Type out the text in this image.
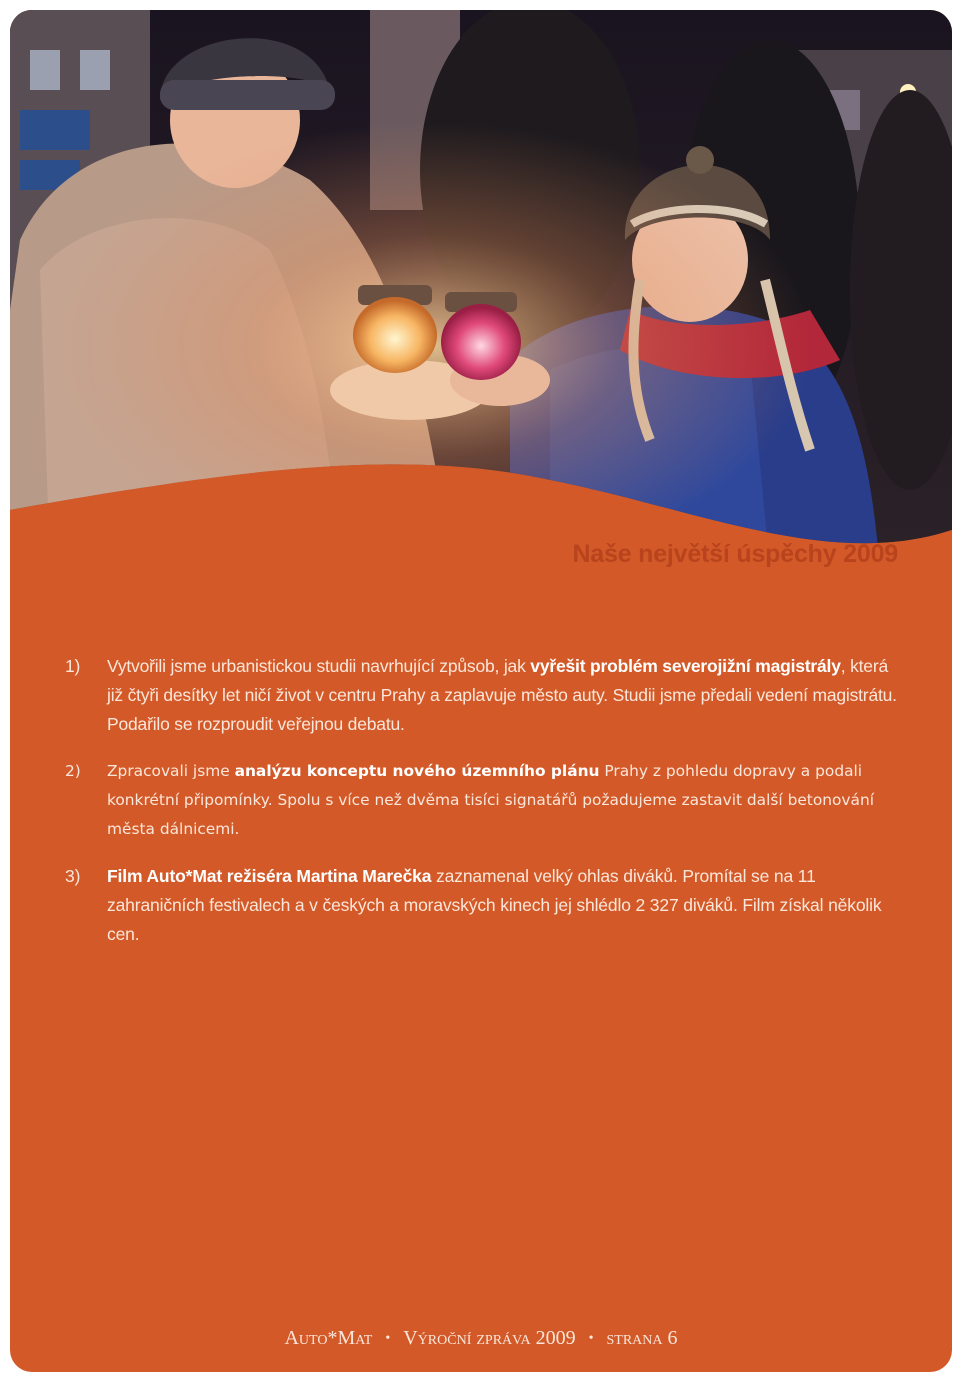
Naše největší úspěchy 2009
1)	Vytvořili jsme urbanistickou studii navrhující způsob, jak vyřešit problém severojižní magistrály, která již čtyři desítky let ničí život v centru Prahy a zaplavuje město auty. Studii jsme předali vedení magistrátu. Podařilo se rozproudit veřejnou debatu.
2)	Zpracovali jsme analýzu konceptu nového územního plánu Prahy z pohledu dopravy a podali konkrétní připomínky. Spolu s více než dvěma tisíci signatářů požadujeme zastavit další betonování města dálnicemi.
3)	Film Auto*Mat režiséra Martina Marečka zaznamenal velký ohlas diváků. Promítal se na 11 zahraničních festivalech a v českých a moravských kinech jej shlédlo 2 327 diváků. Film získal několik cen.
Auto*Mat • Výroční zpráva 2009 • strana 6
